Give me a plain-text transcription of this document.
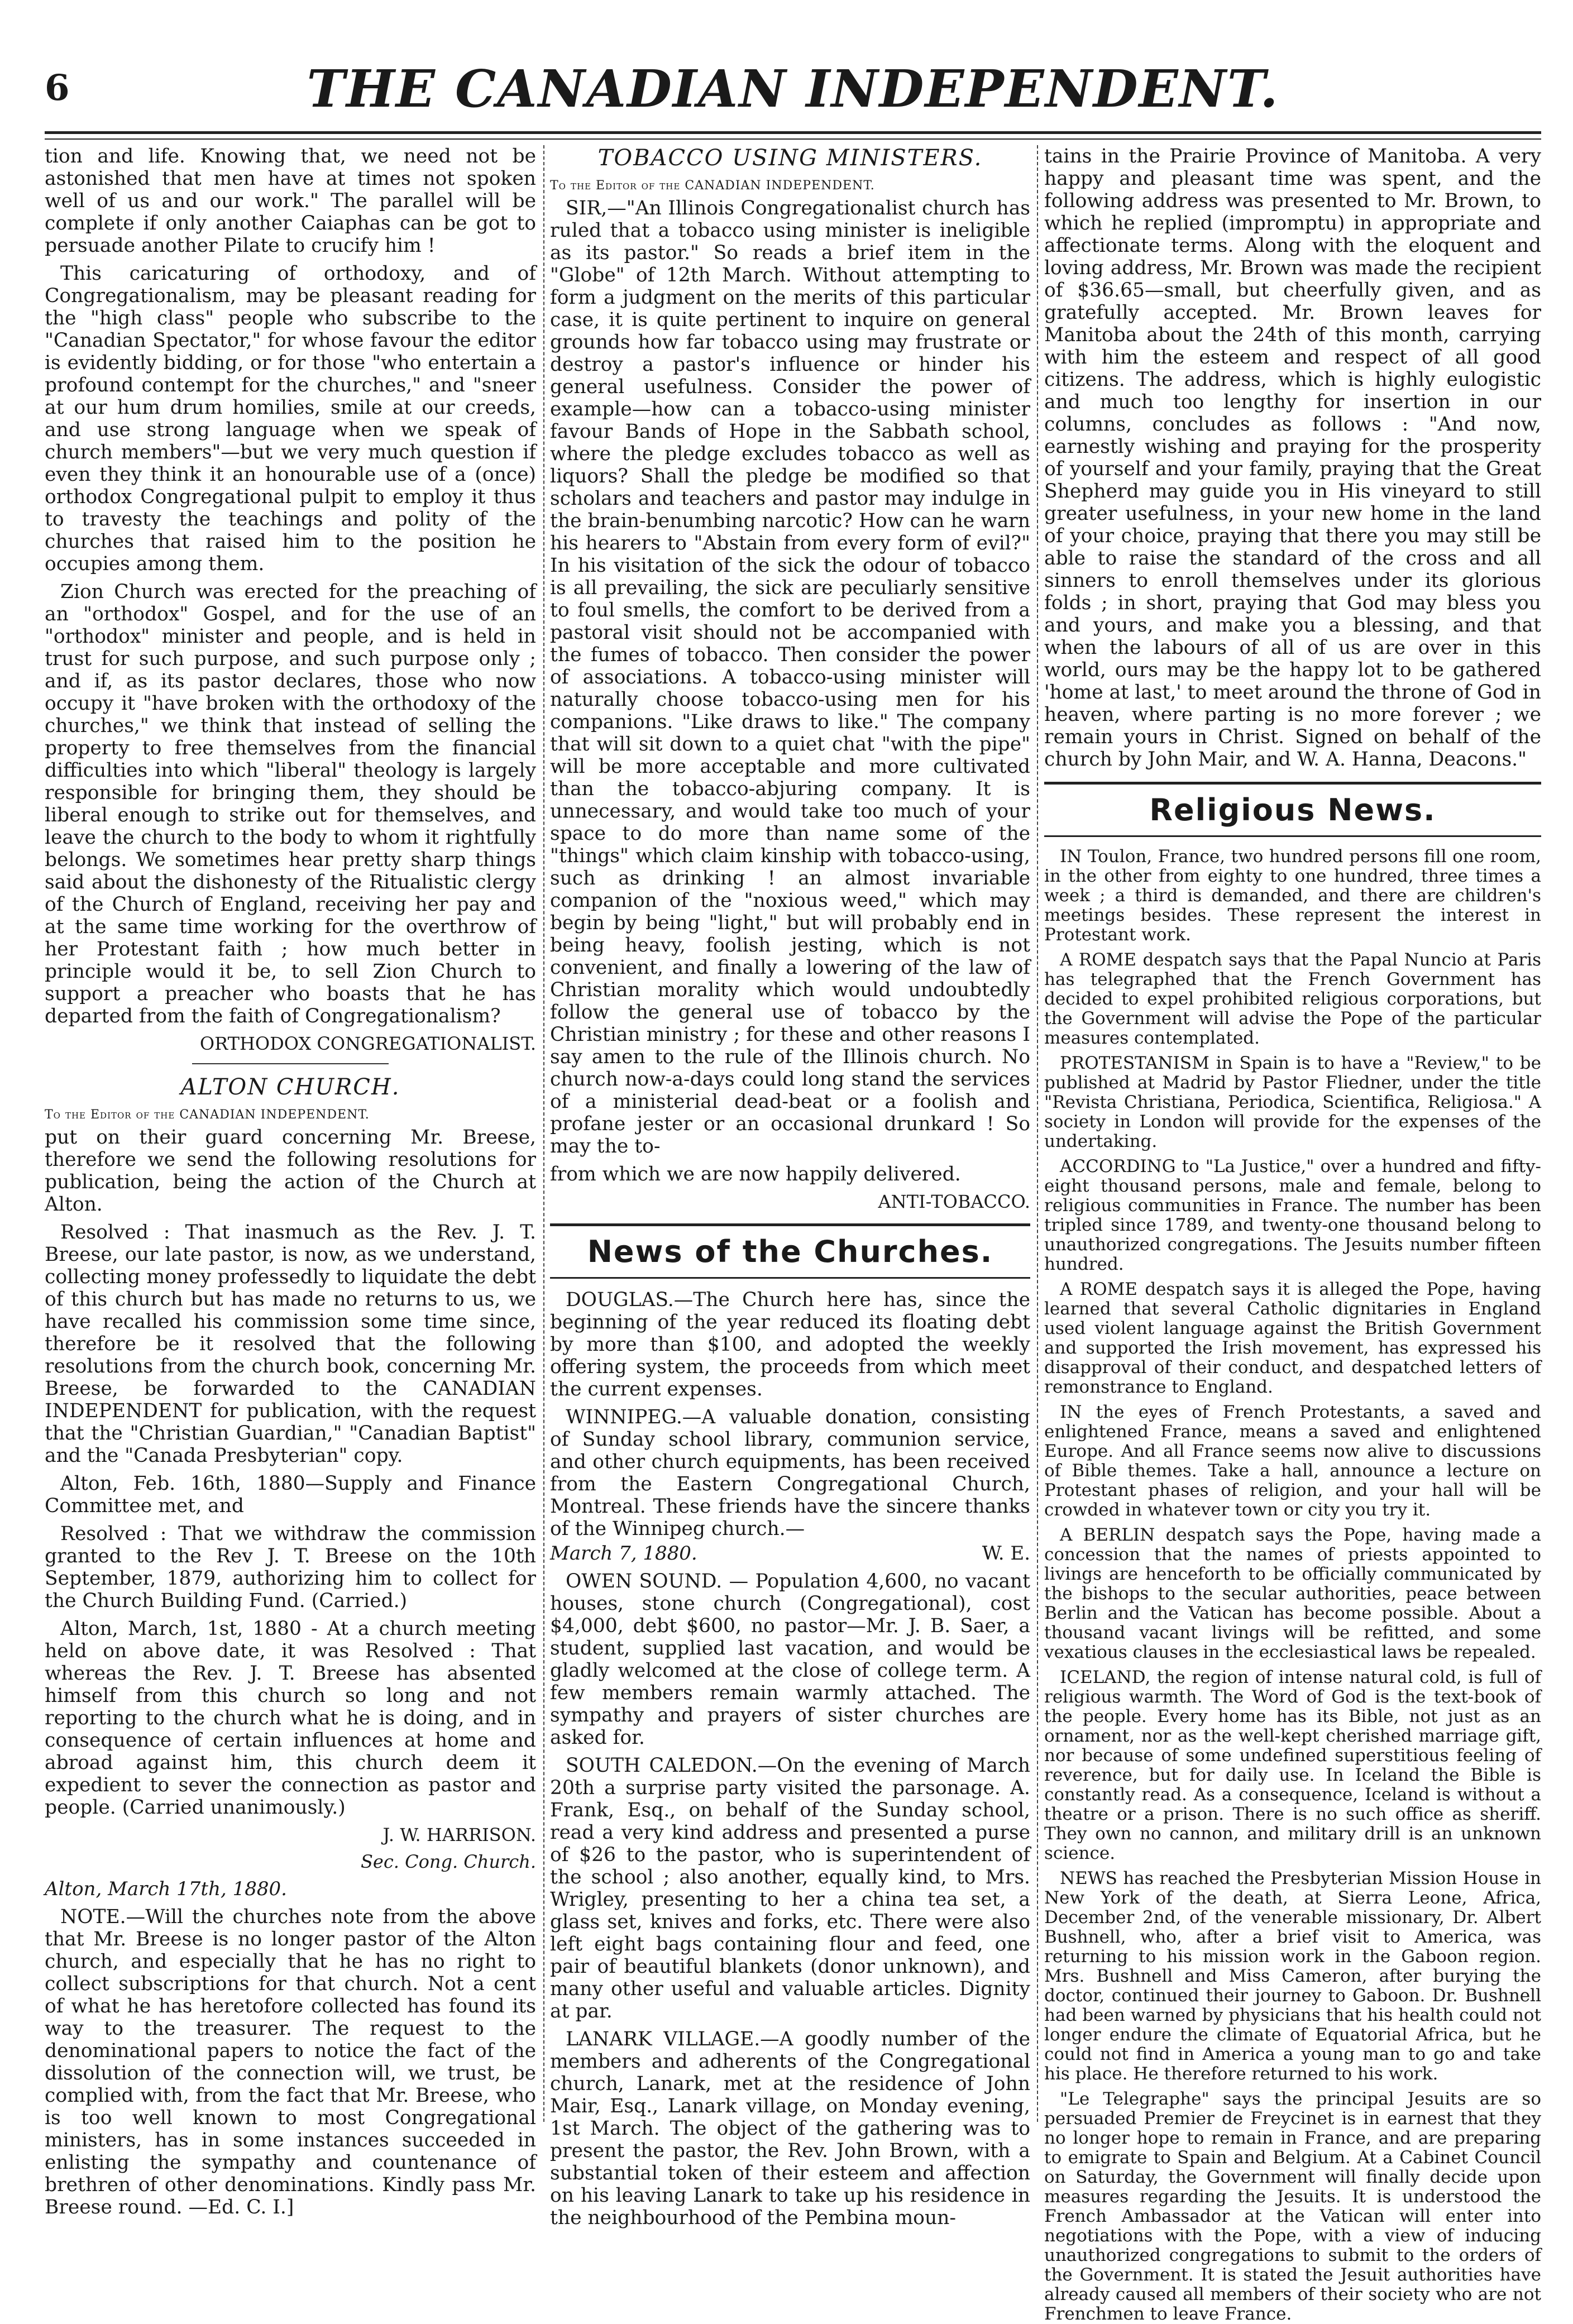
6	THE CANADIAN INDEPENDENT.

tion and life. Knowing that, we need not be astonished that men have at times not spoken well of us and our work." The parallel will be complete if only another Caiaphas can be got to persuade another Pilate to crucify him !

This caricaturing of orthodoxy, and of Congregationalism, may be pleasant reading for the "high class" people who subscribe to the "Canadian Spectator," for whose favour the editor is evidently bidding, or for those "who entertain a profound contempt for the churches," and "sneer at our hum drum homilies, smile at our creeds, and use strong language when we speak of church members"—but we very much question if even they think it an honourable use of a (once) orthodox Congregational pulpit to employ it thus to travesty the teachings and polity of the churches that raised him to the position he occupies among them.

Zion Church was erected for the preaching of an "orthodox" Gospel, and for the use of an "orthodox" minister and people, and is held in trust for such purpose, and such purpose only ; and if, as its pastor declares, those who now occupy it "have broken with the orthodoxy of the churches," we think that instead of selling the property to free themselves from the financial difficulties into which "liberal" theology is largely responsible for bringing them, they should be liberal enough to strike out for themselves, and leave the church to the body to whom it rightfully belongs. We sometimes hear pretty sharp things said about the dishonesty of the Ritualistic clergy of the Church of England, receiving her pay and at the same time working for the overthrow of her Protestant faith ; how much better in principle would it be, to sell Zion Church to support a preacher who boasts that he has departed from the faith of Congregationalism?

ORTHODOX CONGREGATIONALIST.
ALTON CHURCH.
To the Editor of the CANADIAN INDEPENDENT.

put on their guard concerning Mr. Breese, therefore we send the following resolutions for publication, being the action of the Church at Alton.

Resolved : That inasmuch as the Rev. J. T. Breese, our late pastor, is now, as we understand, collecting money professedly to liquidate the debt of this church but has made no returns to us, we have recalled his commission some time since, therefore be it resolved that the following resolutions from the church book, concerning Mr. Breese, be forwarded to the CANADIAN INDEPENDENT for publication, with the request that the "Christian Guardian," "Canadian Baptist" and the "Canada Presbyterian" copy.

Alton, Feb. 16th, 1880—Supply and Finance Committee met, and

Resolved : That we withdraw the commission granted to the Rev J. T. Breese on the 10th September, 1879, authorizing him to collect for the Church Building Fund. (Carried.)

Alton, March, 1st, 1880 - At a church meeting held on above date, it was Resolved : That whereas the Rev. J. T. Breese has absented himself from this church so long and not reporting to the church what he is doing, and in consequence of certain influences at home and abroad against him, this church deem it expedient to sever the connection as pastor and people. (Carried unanimously.)

J. W. HARRISON.
Sec. Cong. Church.
Alton, March 17th, 1880.

NOTE.—Will the churches note from the above that Mr. Breese is no longer pastor of the Alton church, and especially that he has no right to collect subscriptions for that church. Not a cent of what he has heretofore collected has found its way to the treasurer. The request to the denominational papers to notice the fact of the dissolution of the connection will, we trust, be complied with, from the fact that Mr. Breese, who is too well known to most Congregational ministers, has in some instances succeeded in enlisting the sympathy and countenance of brethren of other denominations. Kindly pass Mr. Breese round. —Ed. C. I.]

TOBACCO USING MINISTERS.
To the Editor of the CANADIAN INDEPENDENT.

SIR,—"An Illinois Congregationalist church has ruled that a tobacco using minister is ineligible as its pastor." So reads a brief item in the "Globe" of 12th March. Without attempting to form a judgment on the merits of this particular case, it is quite pertinent to inquire on general grounds how far tobacco using may frustrate or destroy a pastor's influence or hinder his general usefulness. Consider the power of example—how can a tobacco-using minister favour Bands of Hope in the Sabbath school, where the pledge excludes tobacco as well as liquors? Shall the pledge be modified so that scholars and teachers and pastor may indulge in the brain-benumbing narcotic? How can he warn his hearers to "Abstain from every form of evil?" In his visitation of the sick the odour of tobacco is all prevailing, the sick are peculiarly sensitive to foul smells, the comfort to be derived from a pastoral visit should not be accompanied with the fumes of tobacco. Then consider the power of associations. A tobacco-using minister will naturally choose tobacco-using men for his companions. "Like draws to like." The company that will sit down to a quiet chat "with the pipe" will be more acceptable and more cultivated than the tobacco-abjuring company. It is unnecessary, and would take too much of your space to do more than name some of the "things" which claim kinship with tobacco-using, such as drinking ! an almost invariable companion of the "noxious weed," which may begin by being "light," but will probably end in being heavy, foolish jesting, which is not convenient, and finally a lowering of the law of Christian morality which would undoubtedly follow the general use of tobacco by the Christian ministry ; for these and other reasons I say amen to the rule of the Illinois church. No church now-a-days could long stand the services of a ministerial dead-beat or a foolish and profane jester or an occasional drunkard ! So may the to-

from which we are now happily delivered.

ANTI-TOBACCO.
News of the Churches.

DOUGLAS.—The Church here has, since the beginning of the year reduced its floating debt by more than $100, and adopted the weekly offering system, the proceeds from which meet the current expenses.

WINNIPEG.—A valuable donation, consisting of Sunday school library, communion service, and other church equipments, has been received from the Eastern Congregational Church, Montreal. These friends have the sincere thanks of the Winnipeg church.—

March 7, 1880.	W. E.

OWEN SOUND. — Population 4,600, no vacant houses, stone church (Congregational), cost $4,000, debt $600, no pastor—Mr. J. B. Saer, a student, supplied last vacation, and would be gladly welcomed at the close of college term. A few members remain warmly attached. The sympathy and prayers of sister churches are asked for.

SOUTH CALEDON.—On the evening of March 20th a surprise party visited the parsonage. A. Frank, Esq., on behalf of the Sunday school, read a very kind address and presented a purse of $26 to the pastor, who is superintendent of the school ; also another, equally kind, to Mrs. Wrigley, presenting to her a china tea set, a glass set, knives and forks, etc. There were also left eight bags containing flour and feed, one pair of beautiful blankets (donor unknown), and many other useful and valuable articles. Dignity at par.

LANARK VILLAGE.—A goodly number of the members and adherents of the Congregational church, Lanark, met at the residence of John Mair, Esq., Lanark village, on Monday evening, 1st March. The object of the gathering was to present the pastor, the Rev. John Brown, with a substantial token of their esteem and affection on his leaving Lanark to take up his residence in the neighbourhood of the Pembina moun-

tains in the Prairie Province of Manitoba. A very happy and pleasant time was spent, and the following address was presented to Mr. Brown, to which he replied (impromptu) in appropriate and affectionate terms. Along with the eloquent and loving address, Mr. Brown was made the recipient of $36.65—small, but cheerfully given, and as gratefully accepted. Mr. Brown leaves for Manitoba about the 24th of this month, carrying with him the esteem and respect of all good citizens. The address, which is highly eulogistic and much too lengthy for insertion in our columns, concludes as follows : "And now, earnestly wishing and praying for the prosperity of yourself and your family, praying that the Great Shepherd may guide you in His vineyard to still greater usefulness, in your new home in the land of your choice, praying that there you may still be able to raise the standard of the cross and all sinners to enroll themselves under its glorious folds ; in short, praying that God may bless you and yours, and make you a blessing, and that when the labours of all of us are over in this world, ours may be the happy lot to be gathered 'home at last,' to meet around the throne of God in heaven, where parting is no more forever ; we remain yours in Christ. Signed on behalf of the church by John Mair, and W. A. Hanna, Deacons."

Religious News.

IN Toulon, France, two hundred persons fill one room, in the other from eighty to one hundred, three times a week ; a third is demanded, and there are children's meetings besides. These represent the interest in Protestant work.

A ROME despatch says that the Papal Nuncio at Paris has telegraphed that the French Government has decided to expel prohibited religious corporations, but the Government will advise the Pope of the particular measures contemplated.

PROTESTANISM in Spain is to have a "Review," to be published at Madrid by Pastor Fliedner, under the title "Revista Christiana, Periodica, Scientifica, Religiosa." A society in London will provide for the expenses of the undertaking.

ACCORDING to "La Justice," over a hundred and fifty-eight thousand persons, male and female, belong to religious communities in France. The number has been tripled since 1789, and twenty-one thousand belong to unauthorized congregations. The Jesuits number fifteen hundred.

A ROME despatch says it is alleged the Pope, having learned that several Catholic dignitaries in England used violent language against the British Government and supported the Irish movement, has expressed his disapproval of their conduct, and despatched letters of remonstrance to England.

IN the eyes of French Protestants, a saved and enlightened France, means a saved and enlightened Europe. And all France seems now alive to discussions of Bible themes. Take a hall, announce a lecture on Protestant phases of religion, and your hall will be crowded in whatever town or city you try it.

A BERLIN despatch says the Pope, having made a concession that the names of priests appointed to livings are henceforth to be officially communicated by the bishops to the secular authorities, peace between Berlin and the Vatican has become possible. About a thousand vacant livings will be refitted, and some vexatious clauses in the ecclesiastical laws be repealed.

ICELAND, the region of intense natural cold, is full of religious warmth. The Word of God is the text-book of the people. Every home has its Bible, not just as an ornament, nor as the well-kept cherished marriage gift, nor because of some undefined superstitious feeling of reverence, but for daily use. In Iceland the Bible is constantly read. As a consequence, Iceland is without a theatre or a prison. There is no such office as sheriff. They own no cannon, and military drill is an unknown science.

NEWS has reached the Presbyterian Mission House in New York of the death, at Sierra Leone, Africa, December 2nd, of the venerable missionary, Dr. Albert Bushnell, who, after a brief visit to America, was returning to his mission work in the Gaboon region. Mrs. Bushnell and Miss Cameron, after burying the doctor, continued their journey to Gaboon. Dr. Bushnell had been warned by physicians that his health could not longer endure the climate of Equatorial Africa, but he could not find in America a young man to go and take his place. He therefore returned to his work.

"Le Telegraphe" says the principal Jesuits are so persuaded Premier de Freycinet is in earnest that they no longer hope to remain in France, and are preparing to emigrate to Spain and Belgium. At a Cabinet Council on Saturday, the Government will finally decide upon measures regarding the Jesuits. It is understood the French Ambassador at the Vatican will enter into negotiations with the Pope, with a view of inducing unauthorized congregations to submit to the orders of the Government. It is stated the Jesuit authorities have already caused all members of their society who are not Frenchmen to leave France.
